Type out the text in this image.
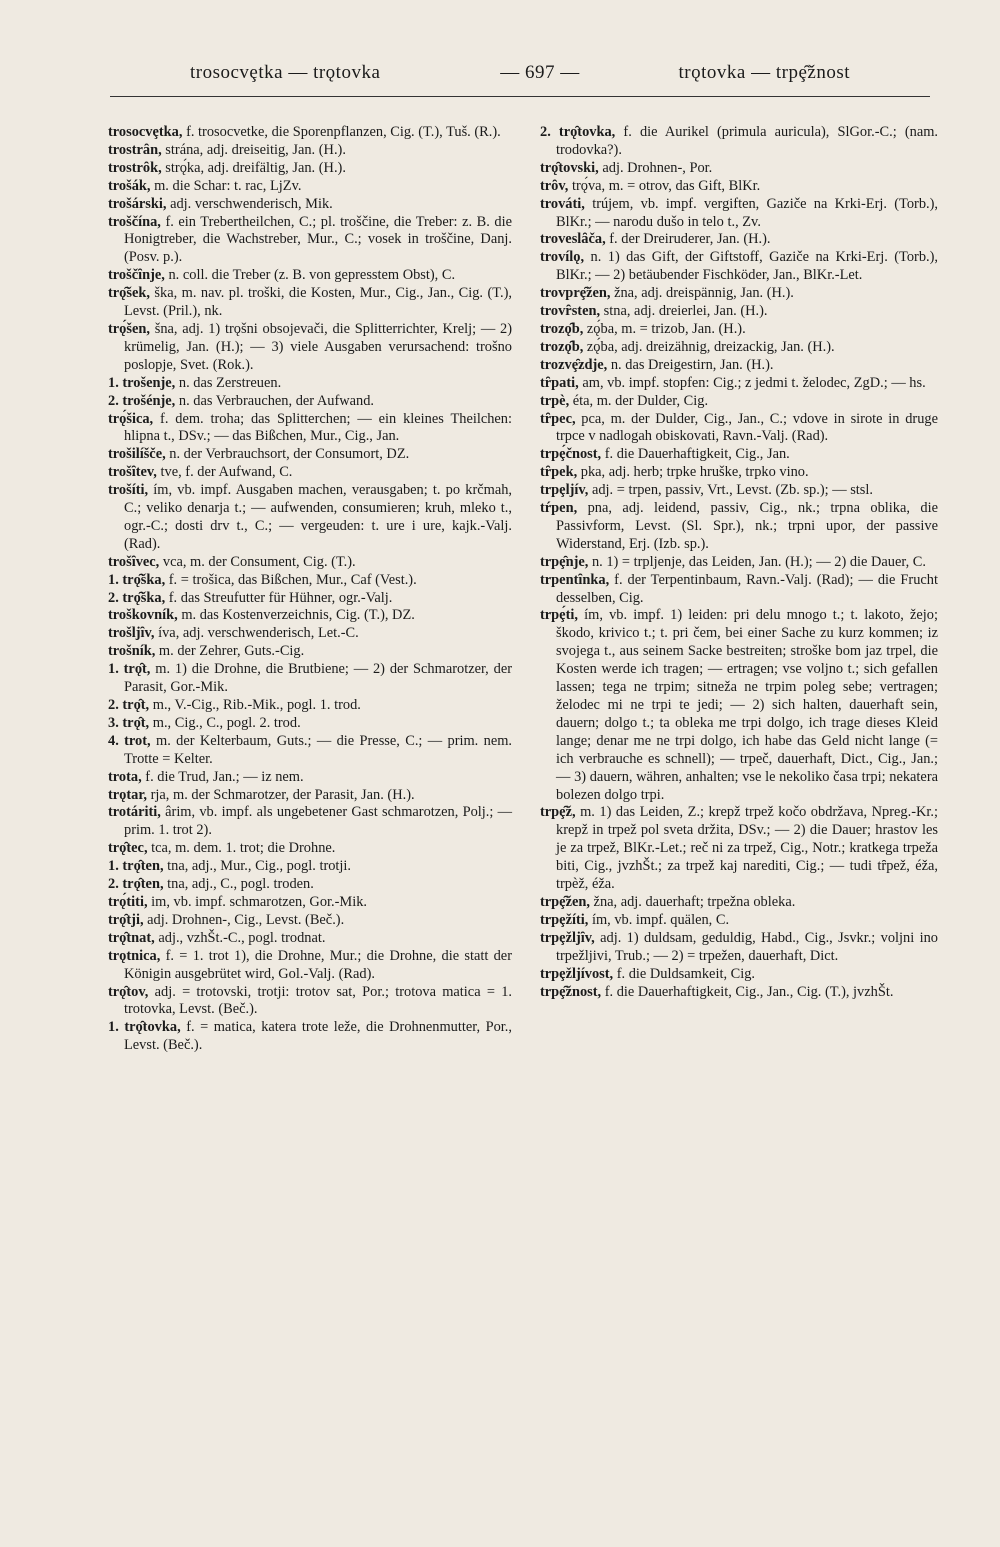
trosocvȩtka — trǫtovka	— 697 —	trǫtovka — trpȩ̑žnost

trosocvȩtka, f. trosocvetke, die Sporenpflanzen, Cig. (T.), Tuš. (R.).

trostrȃn, strána, adj. dreiseitig, Jan. (H.).

trostrȏk, strǫ́ka, adj. dreifältig, Jan. (H.).

trošák, m. die Schar: t. rac, LjZv.

trošárski, adj. verschwenderisch, Mik.

troščína, f. ein Trebertheilchen, C.; pl. troščine, die Treber: z. B. die Honigtreber, die Wachstreber, Mur., C.; vosek in troščine, Danj. (Posv. p.).

troščȋnje, n. coll. die Treber (z. B. von gepresstem Obst), C.

trǫ̑šek, ška, m. nav. pl. troški, die Kosten, Mur., Cig., Jan., Cig. (T.), Levst. (Pril.), nk.

trǫ́šen, šna, adj. 1) trǫšni obsojevači, die Splitterrichter, Krelj; — 2) krümelig, Jan. (H.); — 3) viele Ausgaben verursachend: trošno poslopje, Svet. (Rok.).

1. trošenje, n. das Zerstreuen.

2. trošénje, n. das Verbrauchen, der Aufwand.

trǫ́šica, f. dem. troha; das Splitterchen; — ein kleines Theilchen: hlipna t., DSv.; — das Bißchen, Mur., Cig., Jan.

trošilíšče, n. der Verbrauchsort, der Consumort, DZ.

trošȋtev, tve, f. der Aufwand, C.

trošíti, ím, vb. impf. Ausgaben machen, verausgaben; t. po krčmah, C.; veliko denarja t.; — aufwenden, consumieren; kruh, mleko t., ogr.-C.; dosti drv t., C.; — vergeuden: t. ure i ure, kajk.-Valj. (Rad).

trošȋvec, vca, m. der Consument, Cig. (T.).

1. trǫ̑ška, f. = trošica, das Bißchen, Mur., Caf (Vest.).

2. trǫ̑ška, f. das Streufutter für Hühner, ogr.-Valj.

troškovník, m. das Kostenverzeichnis, Cig. (T.), DZ.

trošljȋv, íva, adj. verschwenderisch, Let.-C.

trošník, m. der Zehrer, Guts.-Cig.

1. trǫ̑t, m. 1) die Drohne, die Brutbiene; — 2) der Schmarotzer, der Parasit, Gor.-Mik.

2. trǫ̑t, m., V.-Cig., Rib.-Mik., pogl. 1. trod.

3. trǫ̑t, m., Cig., C., pogl. 2. trod.

4. trot, m. der Kelterbaum, Guts.; — die Presse, C.; — prim. nem. Trotte = Kelter.

trota, f. die Trud, Jan.; — iz nem.

trǫtar, rja, m. der Schmarotzer, der Parasit, Jan. (H.).

trotáriti, ârim, vb. impf. als ungebetener Gast schmarotzen, Polj.; — prim. 1. trot 2).

trǫ̑tec, tca, m. dem. 1. trot; die Drohne.

1. trǫ̑ten, tna, adj., Mur., Cig., pogl. trotji.

2. trǫ̑ten, tna, adj., C., pogl. troden.

trǫ́titi, im, vb. impf. schmarotzen, Gor.-Mik.

trǫ̑tji, adj. Drohnen-, Cig., Levst. (Beč.).

trǫ̑tnat, adj., vzhŠt.-C., pogl. trodnat.

trǫtnica, f. = 1. trot 1), die Drohne, Mur.; die Drohne, die statt der Königin ausgebrütet wird, Gol.-Valj. (Rad).

trǫ̑tov, adj. = trotovski, trotji: trotov sat, Por.; trotova matica = 1. trotovka, Levst. (Beč.).

1. trǫ̑tovka, f. = matica, katera trote leže, die Drohnenmutter, Por., Levst. (Beč.).

2. trǫ̑tovka, f. die Aurikel (primula auricula), SlGor.-C.; (nam. trodovka?).

trǫ̑tovski, adj. Drohnen-, Por.

trȏv, trǫ́va, m. = otrov, das Gift, BlKr.

trováti, trújem, vb. impf. vergiften, Gaziče na Krki-Erj. (Torb.), BlKr.; — narodu dušo in telo t., Zv.

troveslȃča, f. der Dreiruderer, Jan. (H.).

trovílǫ, n. 1) das Gift, der Giftstoff, Gaziče na Krki-Erj. (Torb.), BlKr.; — 2) betäubender Fischköder, Jan., BlKr.-Let.

trovprȩ̑žen, žna, adj. dreispännig, Jan. (H.).

trovȓsten, stna, adj. dreierlei, Jan. (H.).

trozǫ̑b, zǫ́ba, m. = trizob, Jan. (H.).

trozǫ̑b, zǫ́ba, adj. dreizähnig, dreizackig, Jan. (H.).

trozvȩ̑zdje, n. das Dreigestirn, Jan. (H.).

tȓpati, am, vb. impf. stopfen: Cig.; z jedmi t. želodec, ZgD.; — hs.

trpè, éta, m. der Dulder, Cig.

tȓpec, pca, m. der Dulder, Cig., Jan., C.; vdove in sirote in druge trpce v nadlogah obiskovati, Ravn.-Valj. (Rad).

trpȩ́čnost, f. die Dauerhaftigkeit, Cig., Jan.

tȓpek, pka, adj. herb; trpke hruške, trpko vino.

trpȩljív, adj. = trpen, passiv, Vrt., Levst. (Zb. sp.); — stsl.

tŕpen, pna, adj. leidend, passiv, Cig., nk.; trpna oblika, die Passivform, Levst. (Sl. Spr.), nk.; trpni upor, der passive Widerstand, Erj. (Izb. sp.).

trpȩ̑nje, n. 1) = trpljenje, das Leiden, Jan. (H.); — 2) die Dauer, C.

trpentȋnka, f. der Terpentinbaum, Ravn.-Valj. (Rad); — die Frucht desselben, Cig.

trpȩ́ti, ím, vb. impf. 1) leiden: pri delu mnogo t.; t. lakoto, žejo; škodo, krivico t.; t. pri čem, bei einer Sache zu kurz kommen; iz svojega t., aus seinem Sacke bestreiten; stroške bom jaz trpel, die Kosten werde ich tragen; — ertragen; vse voljno t.; sich gefallen lassen; tega ne trpim; sitneža ne trpim poleg sebe; vertragen; želodec mi ne trpi te jedi; — 2) sich halten, dauerhaft sein, dauern; dolgo t.; ta obleka me trpi dolgo, ich trage dieses Kleid lange; denar me ne trpi dolgo, ich habe das Geld nicht lange (= ich verbrauche es schnell); — trpeč, dauerhaft, Dict., Cig., Jan.; — 3) dauern, währen, anhalten; vse le nekoliko časa trpi; nekatera bolezen dolgo trpi.

trpȩ̑ž, m. 1) das Leiden, Z.; krepž trpež kočo obdržava, Npreg.-Kr.; krepž in trpež pol sveta držita, DSv.; — 2) die Dauer; hrastov les je za trpež, BlKr.-Let.; reč ni za trpež, Cig., Notr.; kratkega trpeža biti, Cig., jvzhŠt.; za trpež kaj narediti, Cig.; — tudi tȓpež, éža, trpèž, éža.

trpȩ̑žen, žna, adj. dauerhaft; trpežna obleka.

trpȩžíti, ím, vb. impf. quälen, C.

trpȩžljȋv, adj. 1) duldsam, geduldig, Habd., Cig., Jsvkr.; voljni ino trpežljivi, Trub.; — 2) = trpežen, dauerhaft, Dict.

trpȩžljívost, f. die Duldsamkeit, Cig.

trpȩ̑žnost, f. die Dauerhaftigkeit, Cig., Jan., Cig. (T.), jvzhŠt.
